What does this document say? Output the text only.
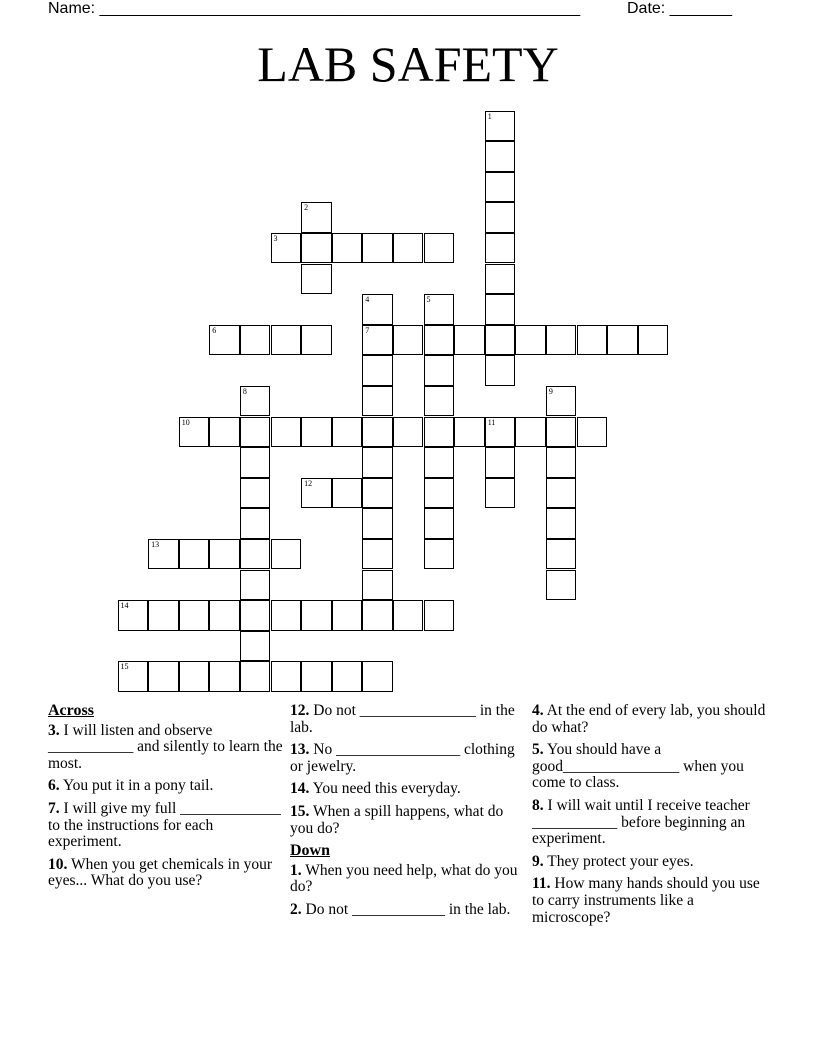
Name: ______________________________________________________	Date: _______
LAB SAFETY
1
2
3
4
7
5
6
8	9
10	11
12
13
14
15
Across
3. I will listen and observe ___________ and silently to learn the most.
6. You put it in a pony tail.
7. I will give my full _____________ to the instructions for each experiment.
10. When you get chemicals in your eyes... What do you use?
12. Do not _______________ in the lab.
13. No ________________ clothing or jewelry.
14. You need this everyday.
15. When a spill happens, what do you do?
Down
1. When you need help, what do you do?
2. Do not ____________ in the lab.
4. At the end of every lab, you should do what?
5. You should have a good_______________ when you come to class.
8. I will wait until I receive teacher ___________ before beginning an experiment.
9. They protect your eyes.
11. How many hands should you use to carry instruments like a microscope?
